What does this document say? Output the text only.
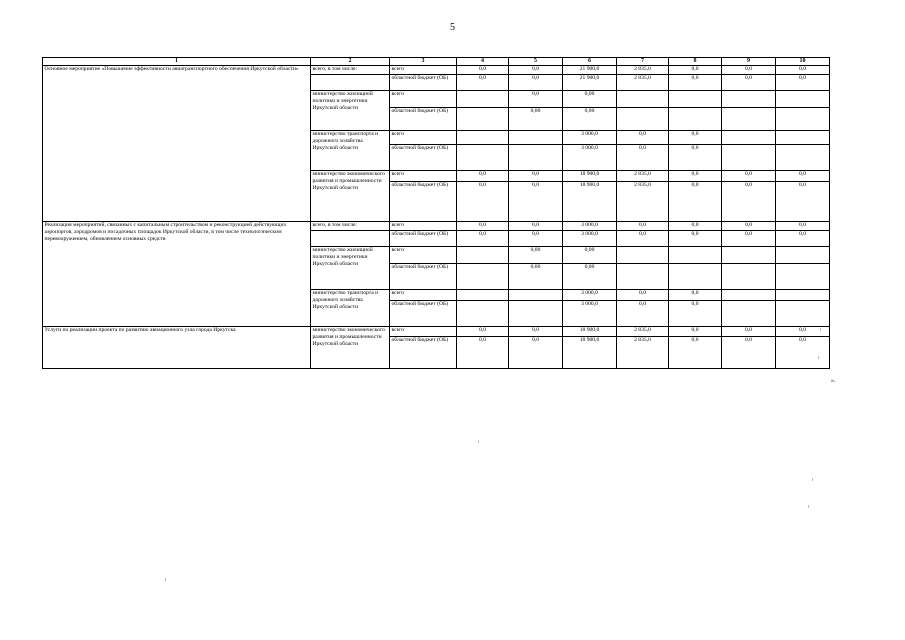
5
1	2	3	4	5	6	7	8	9	10
Основное мероприятие «Повышение эффективности авиатранспортного обеспечения Иркутской области»	всего, в том числе:	всего	0,0	0,0	21 900,0	2 835,0	0,0	0,0	0,0
		областной бюджет (ОБ)	0,0	0,0	21 900,0	2 835,0	0,0	0,0	0,0
	министерство жилищной политики и энергетики Иркутской области	всего		0,0	0,00				
		областной бюджет (ОБ)		0,00	0,00				
	министерство транспорта и дорожного хозяйства Иркутской области	всего			3 000,0	0,0	0,0		
		областной бюджет (ОБ)			3 000,0	0,0	0,0		
	министерство экономического развития и промышленности Иркутской области	всего	0,0	0,0	18 900,0	2 835,0	0,0	0,0	0,0
		областной бюджет (ОБ)	0,0	0,0	18 900,0	2 835,0	0,0	0,0	0,0
Реализация мероприятий, связанных с капитальным строительством и реконструкцией действующих аэропортов, аэродромов и посадочных площадок Иркутской области, в том числе технологическим перевооружением, обновлением основных средств	всего, в том числе:	всего	0,0	0,0	3 000,0	0,0	0,0	0,0	0,0
		областной бюджет (ОБ)	0,0	0,0	3 000,0	0,0	0,0	0,0	0,0
	министерство жилищной политики и энергетики Иркутской области	всего		0,00	0,00				
		областной бюджет (ОБ)		0,00	0,00				
	министерство транспорта и дорожного хозяйства Иркутской области	всего			3 000,0	0,0	0,0		
		областной бюджет (ОБ)			3 000,0	0,0	0,0		
Услуги по реализации проекта по развитию авиационного узла города Иркутска	министерство экономического развития и промышленности Иркутской области	всего	0,0	0,0	18 900,0	2 835,0	0,0	0,0	0,0
		областной бюджет (ОБ)	0,0	0,0	18 900,0	2 835,0	0,0	0,0	0,0
».
